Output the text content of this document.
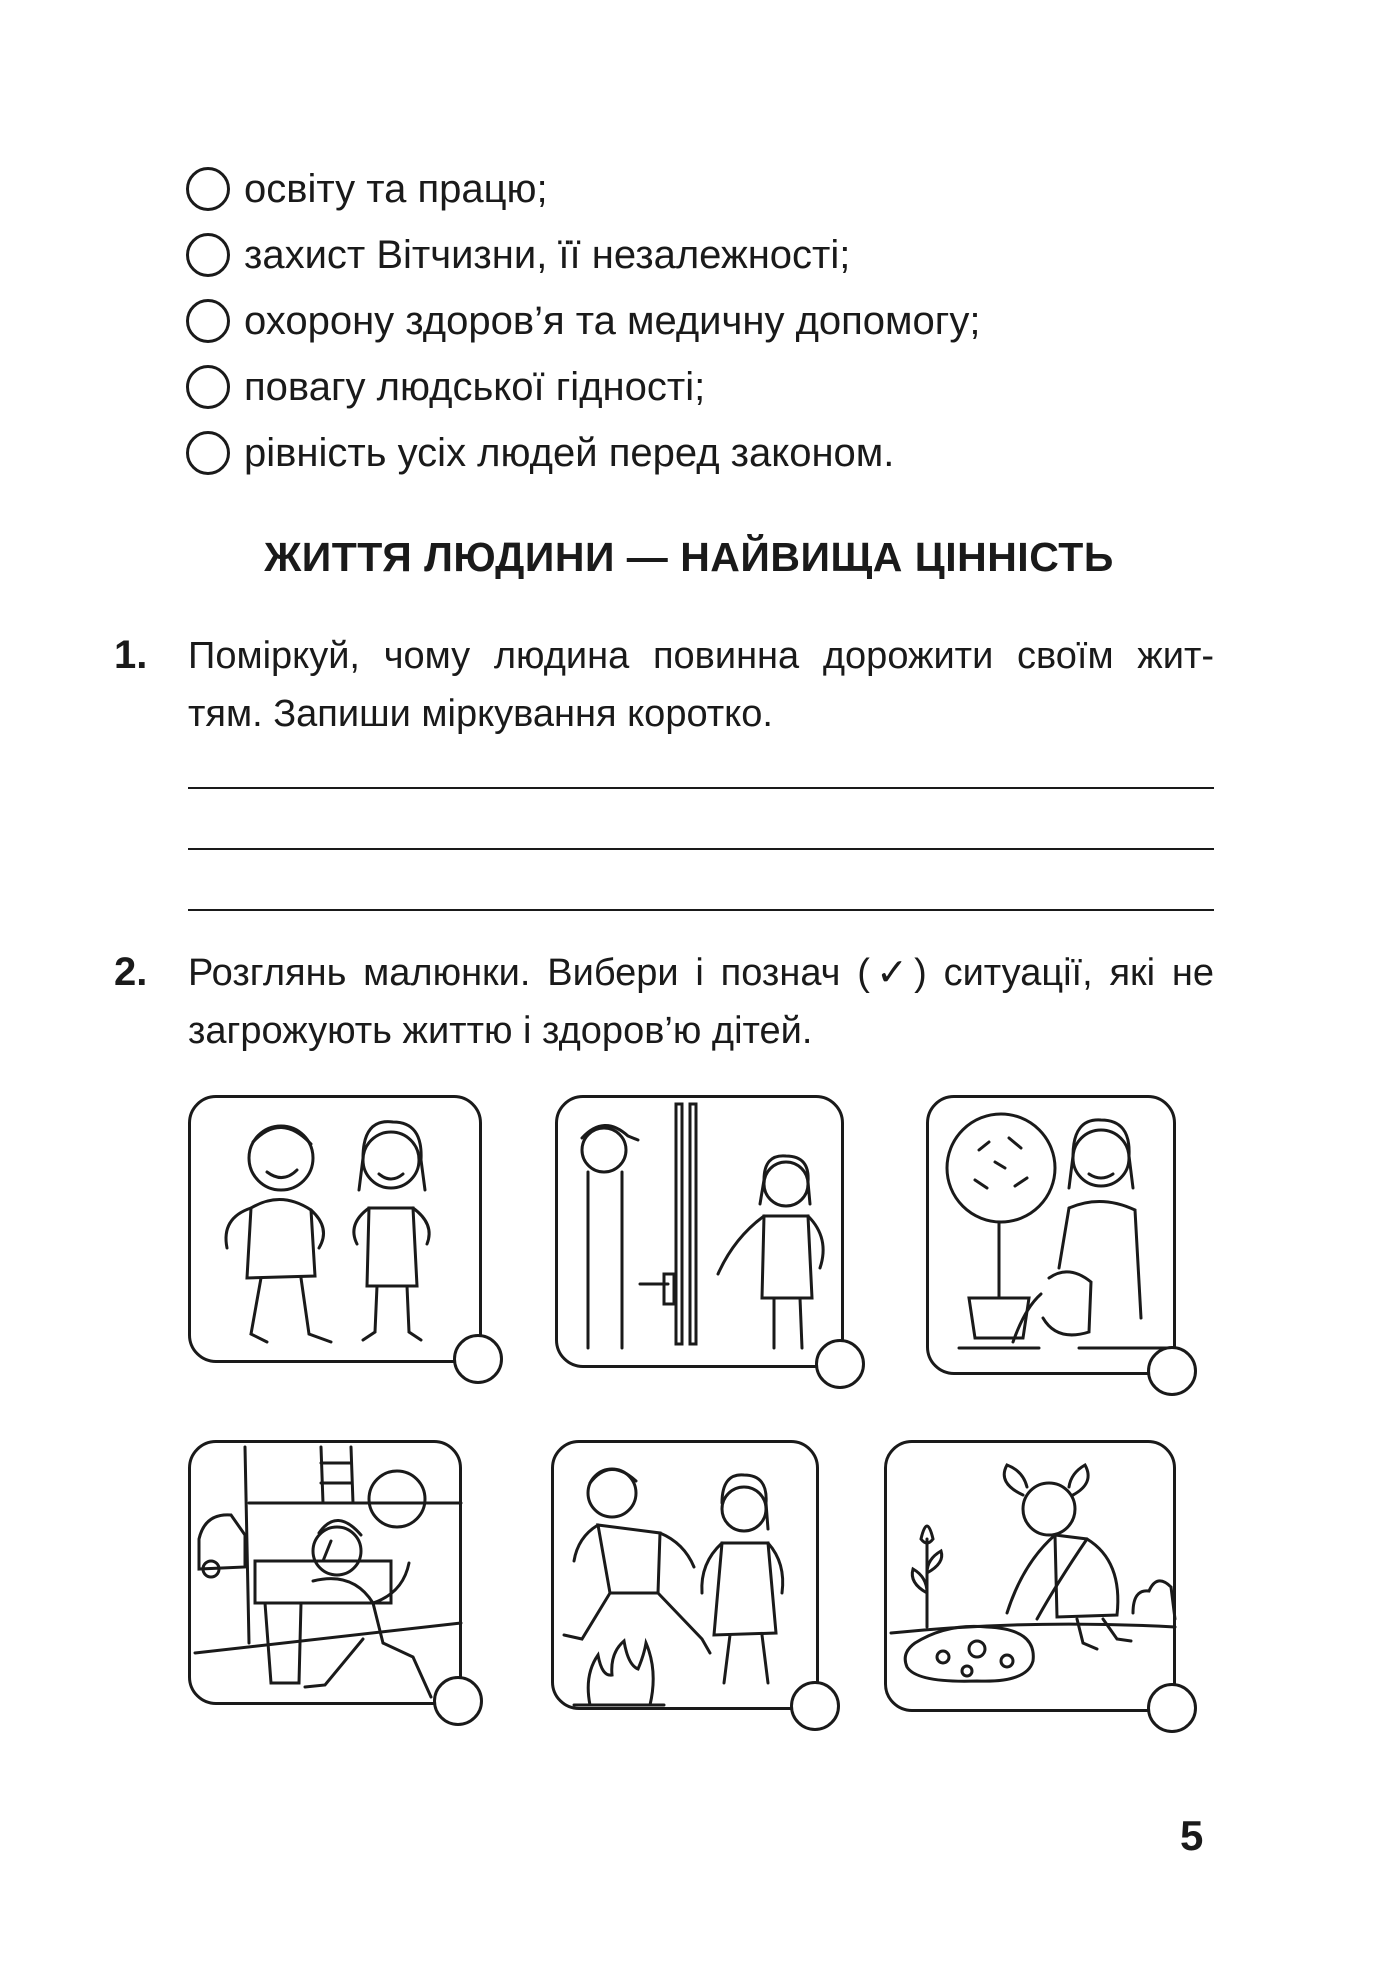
освіту та працю;
захист Вітчизни, її незалежності;
охорону здоров’я та медичну допомогу;
повагу людської гідності;
рівність усіх людей перед законом.
ЖИТТЯ ЛЮДИНИ — НАЙВИЩА ЦІННІСТЬ
1. Поміркуй, чому людина повинна дорожити своїм жит-
тям. Запиши міркування коротко.
2. Розглянь малюнки. Вибери і познач (✓) ситуації, які не
загрожують життю і здоров’ю дітей.
5
